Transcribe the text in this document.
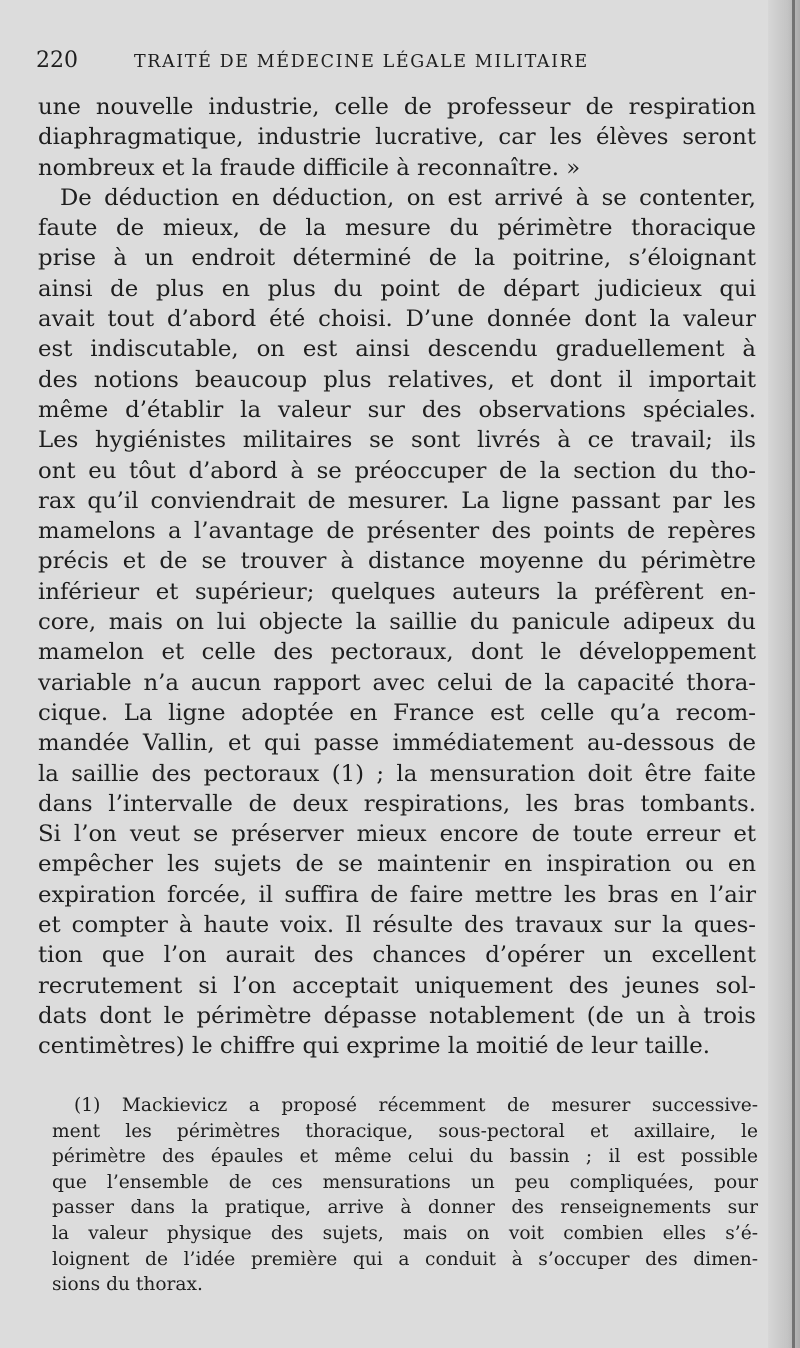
220	TRAITÉ DE MÉDECINE LÉGALE MILITAIRE
une nouvelle industrie, celle de professeur de respiration
diaphragmatique, industrie lucrative, car les élèves seront
nombreux et la fraude difficile à reconnaître. »
De déduction en déduction, on est arrivé à se contenter,
faute de mieux, de la mesure du périmètre thoracique
prise à un endroit déterminé de la poitrine, s’éloignant
ainsi de plus en plus du point de départ judicieux qui
avait tout d’abord été choisi. D’une donnée dont la valeur
est indiscutable, on est ainsi descendu graduellement à
des notions beaucoup plus relatives, et dont il importait
même d’établir la valeur sur des observations spéciales.
Les hygiénistes militaires se sont livrés à ce travail; ils
ont eu tôut d’abord à se préoccuper de la section du tho-
rax qu’il conviendrait de mesurer. La ligne passant par les
mamelons a l’avantage de présenter des points de repères
précis et de se trouver à distance moyenne du périmètre
inférieur et supérieur; quelques auteurs la préfèrent en-
core, mais on lui objecte la saillie du panicule adipeux du
mamelon et celle des pectoraux, dont le développement
variable n’a aucun rapport avec celui de la capacité thora-
cique. La ligne adoptée en France est celle qu’a recom-
mandée Vallin, et qui passe immédiatement au-dessous de
la saillie des pectoraux (1) ; la mensuration doit être faite
dans l’intervalle de deux respirations, les bras tombants.
Si l’on veut se préserver mieux encore de toute erreur et
empêcher les sujets de se maintenir en inspiration ou en
expiration forcée, il suffira de faire mettre les bras en l’air
et compter à haute voix. Il résulte des travaux sur la ques-
tion que l’on aurait des chances d’opérer un excellent
recrutement si l’on acceptait uniquement des jeunes sol-
dats dont le périmètre dépasse notablement (de un à trois
centimètres) le chiffre qui exprime la moitié de leur taille.
(1) Mackievicz a proposé récemment de mesurer successive-
ment les périmètres thoracique, sous-pectoral et axillaire, le
périmètre des épaules et même celui du bassin ; il est possible
que l’ensemble de ces mensurations un peu compliquées, pour
passer dans la pratique, arrive à donner des renseignements sur
la valeur physique des sujets, mais on voit combien elles s’é-
loignent de l’idée première qui a conduit à s’occuper des dimen-
sions du thorax.
